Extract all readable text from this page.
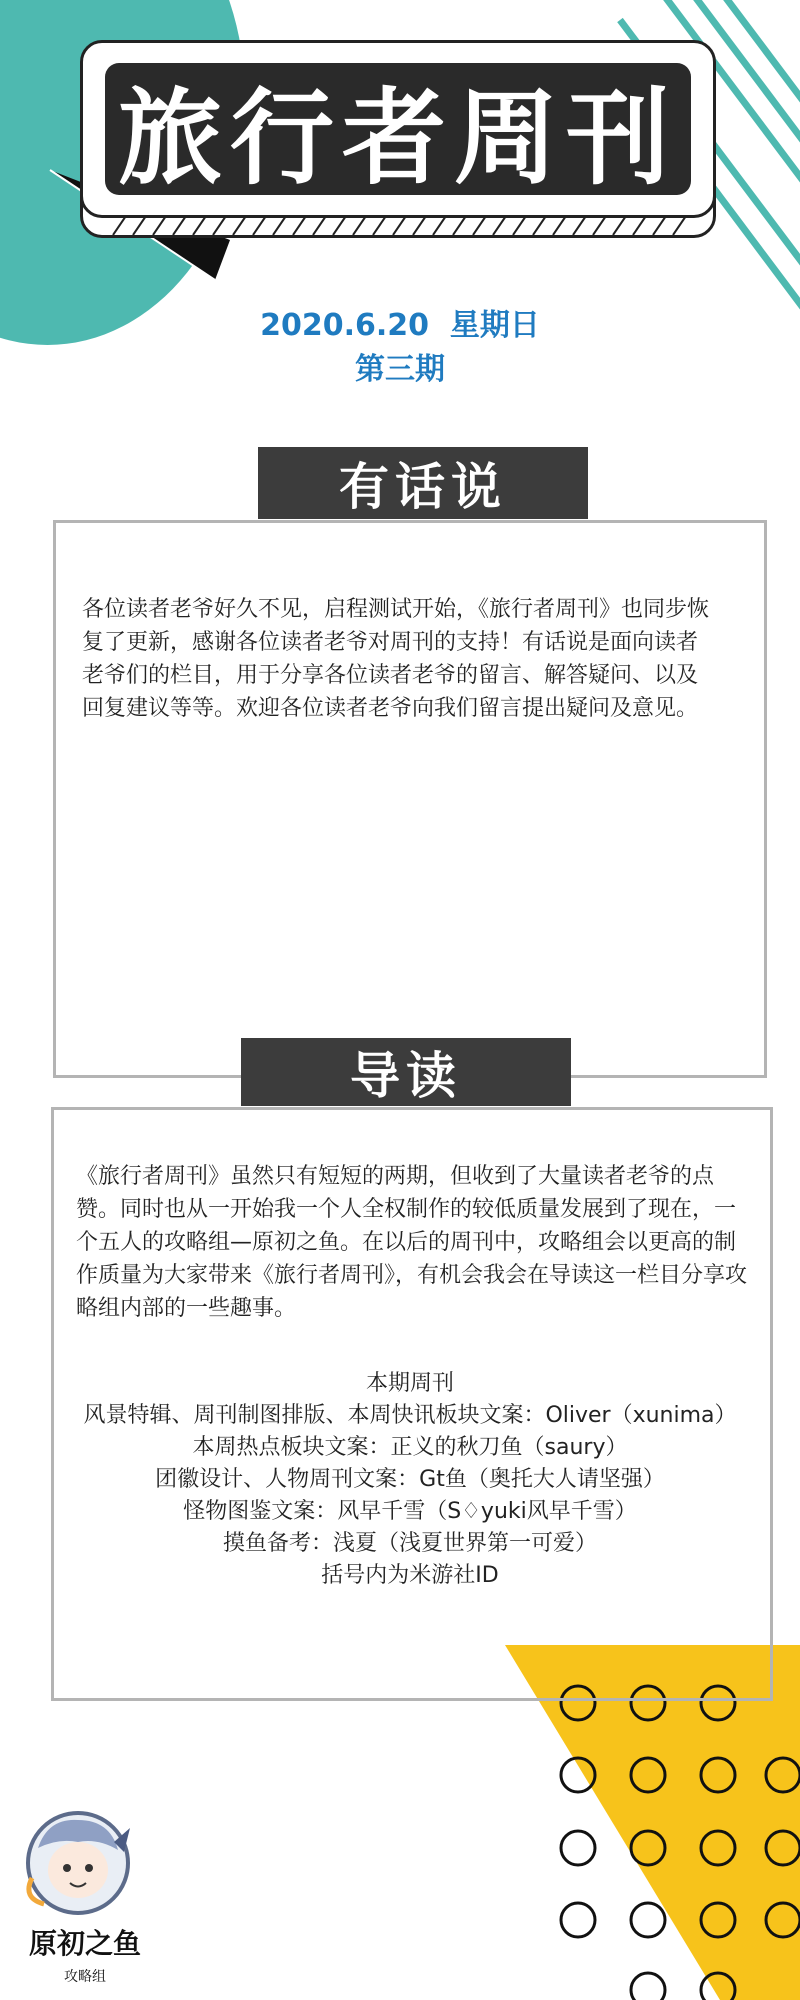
旅行者周刊
2020.6.20  星期日
第三期
有话说
各位读者老爷好久不见，启程测试开始，《旅行者周刊》也同步恢复了更新，感谢各位读者老爷对周刊的支持！有话说是面向读者老爷们的栏目，用于分享各位读者老爷的留言、解答疑问、以及回复建议等等。欢迎各位读者老爷向我们留言提出疑问及意见。
导读
《旅行者周刊》虽然只有短短的两期，但收到了大量读者老爷的点赞。同时也从一开始我一个人全权制作的较低质量发展到了现在，一个五人的攻略组—原初之鱼。在以后的周刊中，攻略组会以更高的制作质量为大家带来《旅行者周刊》，有机会我会在导读这一栏目分享攻略组内部的一些趣事。
本期周刊
风景特辑、周刊制图排版、本周快讯板块文案：Oliver（xunima）
本周热点板块文案：正义的秋刀鱼（saury）
团徽设计、人物周刊文案：Gt鱼（奥托大人请坚强）
怪物图鉴文案：风早千雪（S♢yuki风早千雪）
摸鱼备考：浅夏（浅夏世界第一可爱）
括号内为米游社ID
原初之鱼
攻略组
